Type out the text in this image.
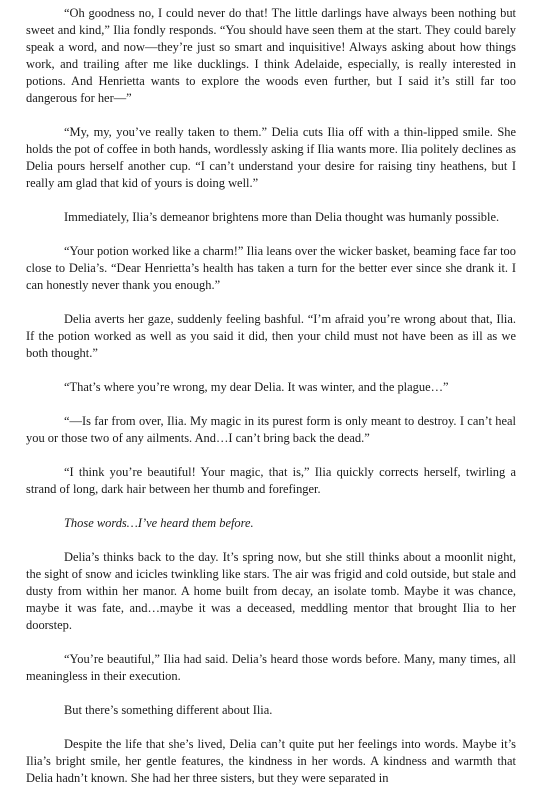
“Oh goodness no, I could never do that! The little darlings have always been nothing but sweet and kind,” Ilia fondly responds. “You should have seen them at the start. They could barely speak a word, and now—they’re just so smart and inquisitive! Always asking about how things work, and trailing after me like ducklings. I think Adelaide, especially, is really interested in potions. And Henrietta wants to explore the woods even further, but I said it’s still far too dangerous for her—”

“My, my, you’ve really taken to them.” Delia cuts Ilia off with a thin-lipped smile. She holds the pot of coffee in both hands, wordlessly asking if Ilia wants more. Ilia politely declines as Delia pours herself another cup. “I can’t understand your desire for raising tiny heathens, but I really am glad that kid of yours is doing well.”

Immediately, Ilia’s demeanor brightens more than Delia thought was humanly possible.

“Your potion worked like a charm!” Ilia leans over the wicker basket, beaming face far too close to Delia’s. “Dear Henrietta’s health has taken a turn for the better ever since she drank it. I can honestly never thank you enough.”

Delia averts her gaze, suddenly feeling bashful. “I’m afraid you’re wrong about that, Ilia. If the potion worked as well as you said it did, then your child must not have been as ill as we both thought.”

“That’s where you’re wrong, my dear Delia. It was winter, and the plague…”

“—Is far from over, Ilia. My magic in its purest form is only meant to destroy. I can’t heal you or those two of any ailments. And…I can’t bring back the dead.”

“I think you’re beautiful! Your magic, that is,” Ilia quickly corrects herself, twirling a strand of long, dark hair between her thumb and forefinger.

Those words…I’ve heard them before.

Delia’s thinks back to the day. It’s spring now, but she still thinks about a moonlit night, the sight of snow and icicles twinkling like stars. The air was frigid and cold outside, but stale and dusty from within her manor. A home built from decay, an isolate tomb. Maybe it was chance, maybe it was fate, and…maybe it was a deceased, meddling mentor that brought Ilia to her doorstep.

“You’re beautiful,” Ilia had said. Delia’s heard those words before. Many, many times, all meaningless in their execution.

But there’s something different about Ilia.

Despite the life that she’s lived, Delia can’t quite put her feelings into words. Maybe it’s Ilia’s bright smile, her gentle features, the kindness in her words. A kindness and warmth that Delia hadn’t known. She had her three sisters, but they were separated in
